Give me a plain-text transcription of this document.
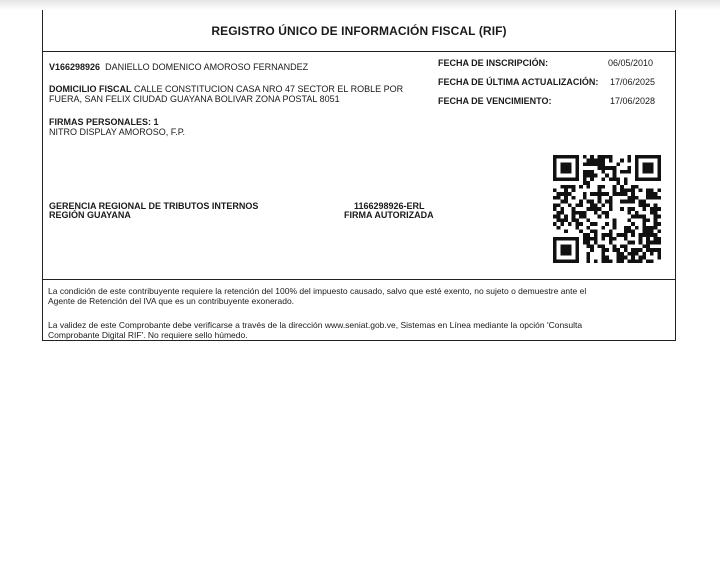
REGISTRO ÚNICO DE INFORMACIÓN FISCAL (RIF)
V166298926 DANIELLO DOMENICO AMOROSO FERNANDEZ
DOMICILIO FISCAL CALLE CONSTITUCION CASA NRO 47 SECTOR EL ROBLE POR
FUERA, SAN FELIX CIUDAD GUAYANA BOLIVAR ZONA POSTAL 8051
FIRMAS PERSONALES: 1
NITRO DISPLAY AMOROSO, F.P.
GERENCIA REGIONAL DE TRIBUTOS INTERNOS
REGIÓN GUAYANA
1166298926-ERL
FIRMA AUTORIZADA
FECHA DE INSCRIPCIÓN:	06/05/2010
FECHA DE ÚLTIMA ACTUALIZACIÓN: 17/06/2025
FECHA DE VENCIMIENTO:	17/06/2028
La condición de este contribuyente requiere la retención del 100% del impuesto causado, salvo que esté exento, no sujeto o demuestre ante el
Agente de Retención del IVA que es un contribuyente exonerado.
La validez de este Comprobante debe verificarse a través de la dirección www.seniat.gob.ve, Sistemas en Línea mediante la opción 'Consulta
Comprobante Digital RIF'. No requiere sello húmedo.
